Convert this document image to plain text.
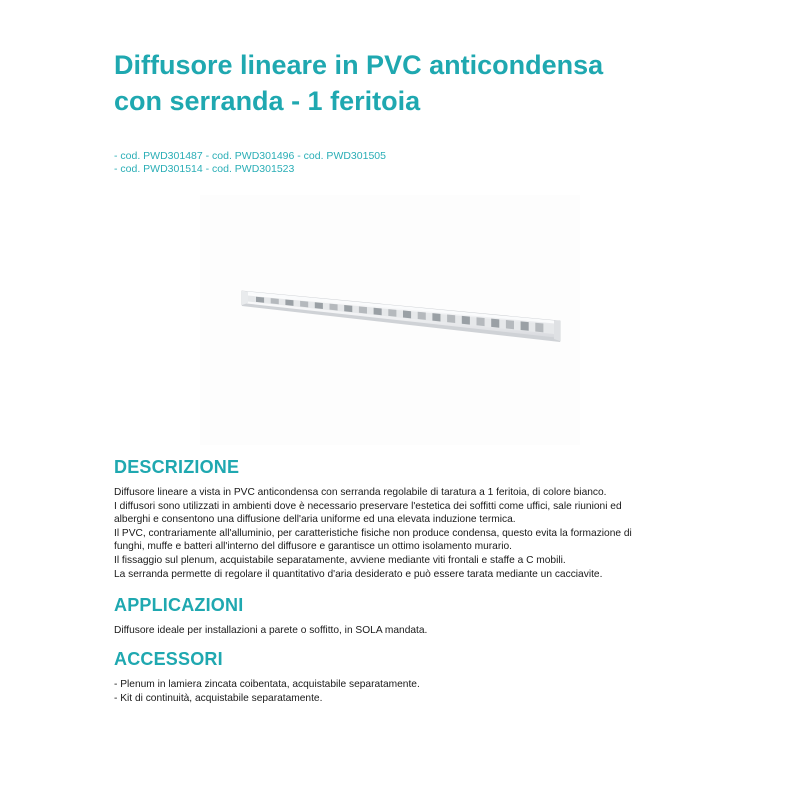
Diffusore lineare in PVC anticondensa
con serranda - 1 feritoia
- cod. PWD301487 - cod. PWD301496 - cod. PWD301505
- cod. PWD301514 - cod. PWD301523
DESCRIZIONE
Diffusore lineare a vista in PVC anticondensa con serranda regolabile di taratura a 1 feritoia, di colore bianco.
I diffusori sono utilizzati in ambienti dove è necessario preservare l'estetica dei soffitti come uffici, sale riunioni ed
alberghi e consentono una diffusione dell'aria uniforme ed una elevata induzione termica.
Il PVC, contrariamente all'alluminio, per caratteristiche fisiche non produce condensa, questo evita la formazione di
funghi, muffe e batteri all'interno del diffusore e garantisce un ottimo isolamento murario.
Il fissaggio sul plenum, acquistabile separatamente, avviene mediante viti frontali e staffe a C mobili.
La serranda permette di regolare il quantitativo d'aria desiderato e può essere tarata mediante un cacciavite.
APPLICAZIONI
Diffusore ideale per installazioni a parete o soffitto, in SOLA mandata.
ACCESSORI
- Plenum in lamiera zincata coibentata, acquistabile separatamente.
- Kit di continuità, acquistabile separatamente.
